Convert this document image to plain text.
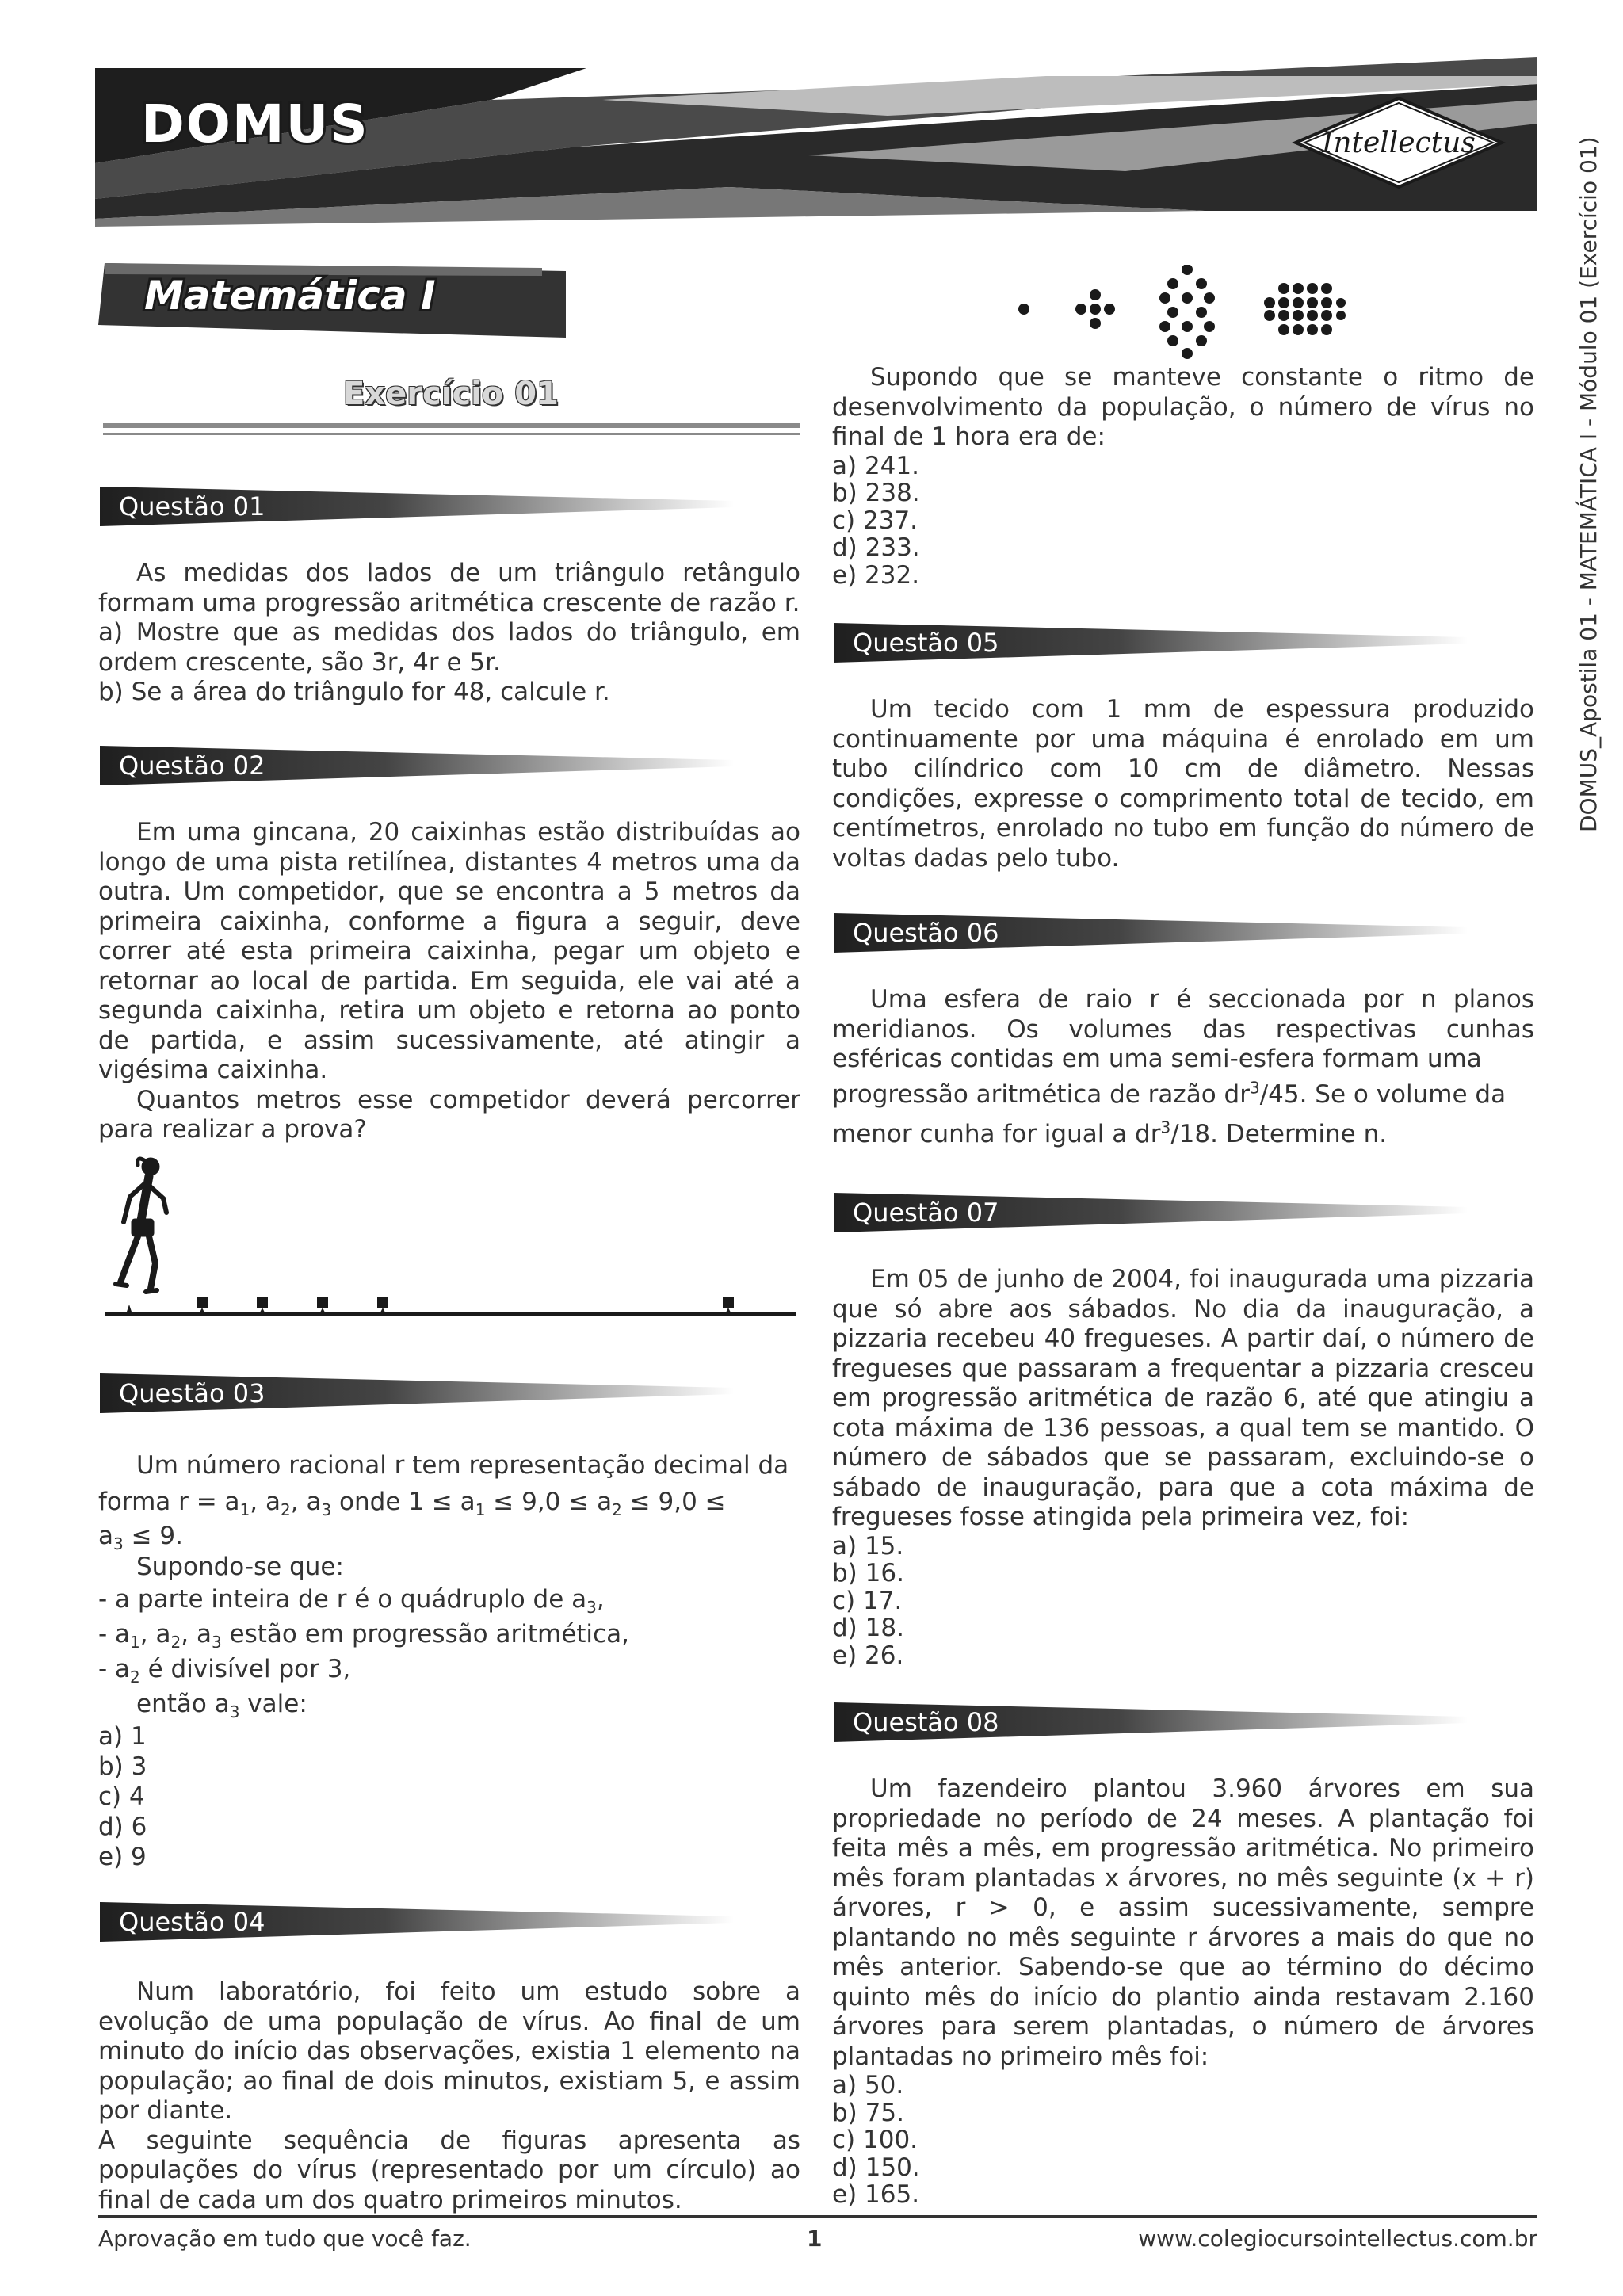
DOMUS	Intellectus	DOMUS_Apostila 01 - MATEMÁTICA I - Módulo 01 (Exercício 01)
Matemática I
Exercício 01
Questão 01

As medidas dos lados de um triângulo retângulo formam uma progressão aritmética crescente de razão r.

a) Mostre que as medidas dos lados do triângulo, em ordem crescente, são 3r, 4r e 5r.

b) Se a área do triângulo for 48, calcule r.

Questão 02

Em uma gincana, 20 caixinhas estão distribuídas ao longo de uma pista retilínea, distantes 4 metros uma da outra. Um competidor, que se encontra a 5 metros da primeira caixinha, conforme a figura a seguir, deve correr até esta primeira caixinha, pegar um objeto e retornar ao local de partida. Em seguida, ele vai até a segunda caixinha, retira um objeto e retorna ao ponto de partida, e assim sucessivamente, até atingir a vigésima caixinha.

Quantos metros esse competidor deverá percorrer para realizar a prova?

Questão 03

Um número racional r tem representação decimal da

forma $r = a_1$, $a_2$, $a_3$ onde $1 \le a_1 \le 9,0 \le a_2 \le 9,0$ ≤

$a_3 \le 9$.

Supondo-se que:

- a parte inteira de r é o quádruplo de $a_3$,

- $a_1$, $a_2$, $a_3$ estão em progressão aritmética,

- $a_2$ é divisível por 3,

então $a_3$ vale:

a) 1

b) 3

c) 4

d) 6

e) 9

Questão 04

Num laboratório, foi feito um estudo sobre a evolução de uma população de vírus. Ao final de um minuto do início das observações, existia 1 elemento na população; ao final de dois minutos, existiam 5, e assim por diante.

A seguinte sequência de figuras apresenta as populações do vírus (representado por um círculo) ao final de cada um dos quatro primeiros minutos.

Supondo que se manteve constante o ritmo de desenvolvimento da população, o número de vírus no final de 1 hora era de:

a) 241.

b) 238.

c) 237.

d) 233.

e) 232.

Questão 05

Um tecido com 1 mm de espessura produzido continuamente por uma máquina é enrolado em um tubo cilíndrico com 10 cm de diâmetro. Nessas condições, expresse o comprimento total de tecido, em centímetros, enrolado no tubo em função do número de voltas dadas pelo tubo.

Questão 06

Uma esfera de raio r é seccionada por n planos meridianos. Os volumes das respectivas cunhas esféricas contidas em uma semi-esfera formam uma

progressão aritmética de razão $dr^3/45$. Se o volume da

menor cunha for igual a $dr^3/18$. Determine n.

Questão 07

Em 05 de junho de 2004, foi inaugurada uma pizzaria que só abre aos sábados. No dia da inauguração, a pizzaria recebeu 40 fregueses. A partir daí, o número de fregueses que passaram a frequentar a pizzaria cresceu em progressão aritmética de razão 6, até que atingiu a cota máxima de 136 pessoas, a qual tem se mantido. O número de sábados que se passaram, excluindo-se o sábado de inauguração, para que a cota máxima de fregueses fosse atingida pela primeira vez, foi:

a) 15.

b) 16.

c) 17.

d) 18.

e) 26.

Questão 08

Um fazendeiro plantou 3.960 árvores em sua propriedade no período de 24 meses. A plantação foi feita mês a mês, em progressão aritmética. No primeiro mês foram plantadas x árvores, no mês seguinte (x + r) árvores, r > 0, e assim sucessivamente, sempre plantando no mês seguinte r árvores a mais do que no mês anterior. Sabendo-se que ao término do décimo quinto mês do início do plantio ainda restavam 2.160 árvores para serem plantadas, o número de árvores plantadas no primeiro mês foi:

a) 50.

b) 75.

c) 100.

d) 150.

e) 165.

Aprovação em tudo que você faz.	1	www.colegiocursointellectus.com.br
